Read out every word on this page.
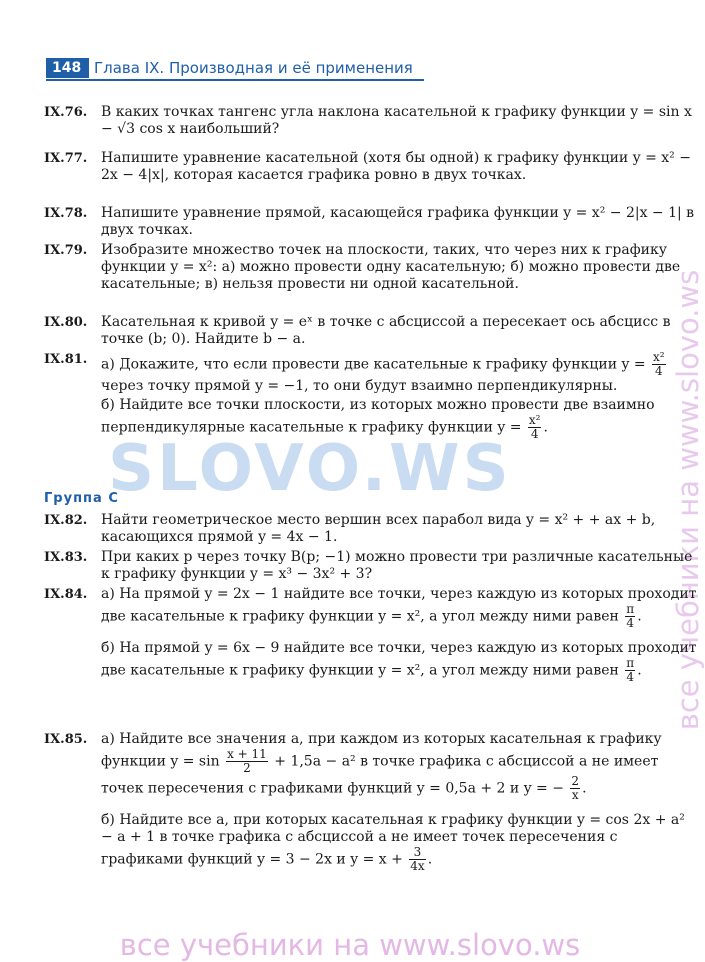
SLOVO.WS	все учебники на www.slovo.ws
148 Глава IX. Производная и её применения
IX.76. В каких точках тангенс угла наклона касательной к графику функции y = sin x − √3 cos x наибольший?

IX.77. Напишите уравнение касательной (хотя бы одной) к графику функции y = x² − 2x − 4|x|, которая касается графика ровно в двух точках.

IX.78. Напишите уравнение прямой, касающейся графика функции y = x² − 2|x − 1| в двух точках.

IX.79. Изобразите множество точек на плоскости, таких, что через них к графику функции y = x²: а) можно провести одну касательную; б) можно провести две касательные; в) нельзя провести ни одной касательной.

IX.80. Касательная к кривой y = eˣ в точке с абсциссой a пересекает ось абсцисс в точке (b; 0). Найдите b − a.

IX.81. а) Докажите, что если провести две касательные к графику функции $y = \frac{\text{x²}}{4}$
через точку прямой y = −1, то они будут взаимно перпендикулярны.

б) Найдите все точки плоскости, из которых можно провести две взаимно перпендикулярные касательные к графику функции $y = \frac{\text{x²}}{4}$ .

Группа C
IX.82. Найти геометрическое место вершин всех парабол вида y = x² + + ax + b, касающихся прямой y = 4x − 1.

IX.83. При каких p через точку B(p; −1) можно провести три различные касательные к графику функции y = x³ − 3x² + 3?

IX.84. а) На прямой y = 2x − 1 найдите все точки, через каждую из которых проходит две касательные к графику функции y = x², а угол между ними равен $\frac{\pi}{4}$ .

б) На прямой y = 6x − 9 найдите все точки, через каждую из которых проходит две касательные к графику функции y = x², а угол между ними равен $\frac{\pi}{4}$ .

IX.85. а) Найдите все значения a, при каждом из которых касательная к графику функции $y = \sin \frac{x + 11}{2} + 1,5a - a^2$ в точке графика с абсциссой a не имеет точек пересечения с графиками функций y = 0,5a + 2 и y = − $\frac{2}{x}$ .

б) Найдите все a, при которых касательная к графику функции y = cos 2x + a² − a + 1 в точке графика с абсциссой a не имеет точек пересечения с графиками функций y = 3 − 2x и $y = x + \frac{3}{4x}$ .

все учебники на www.slovo.ws
